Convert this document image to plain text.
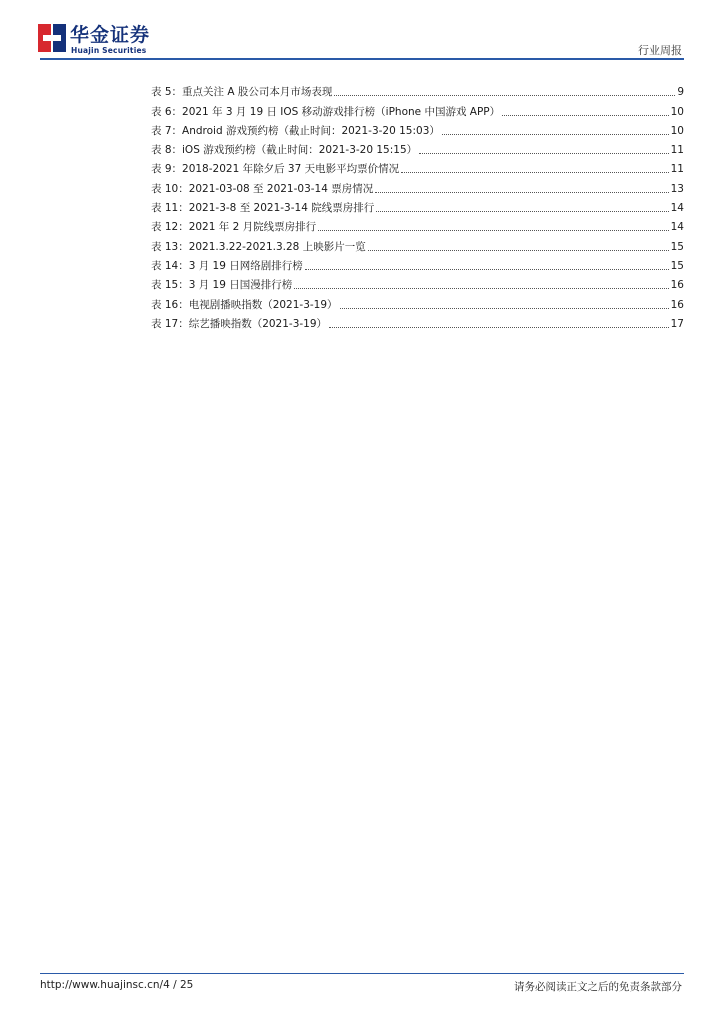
华金证券
Huajin Securities	行业周报
表 5：重点关注 A 股公司本月市场表现	9
表 6：2021 年 3 月 19 日 IOS 移动游戏排行榜（iPhone 中国游戏 APP）	10
表 7：Android 游戏预约榜（截止时间：2021-3-20 15:03）	10
表 8：iOS 游戏预约榜（截止时间：2021-3-20 15:15）	11
表 9：2018-2021 年除夕后 37 天电影平均票价情况	11
表 10：2021-03-08 至 2021-03-14 票房情况	13
表 11：2021-3-8 至 2021-3-14 院线票房排行	14
表 12：2021 年 2 月院线票房排行	14
表 13：2021.3.22-2021.3.28 上映影片一览	15
表 14：3 月 19 日网络剧排行榜	15
表 15：3 月 19 日国漫排行榜	16
表 16：电视剧播映指数（2021-3-19）	16
表 17：综艺播映指数（2021-3-19）	17
http://www.huajinsc.cn/4 / 25	请务必阅读正文之后的免责条款部分
